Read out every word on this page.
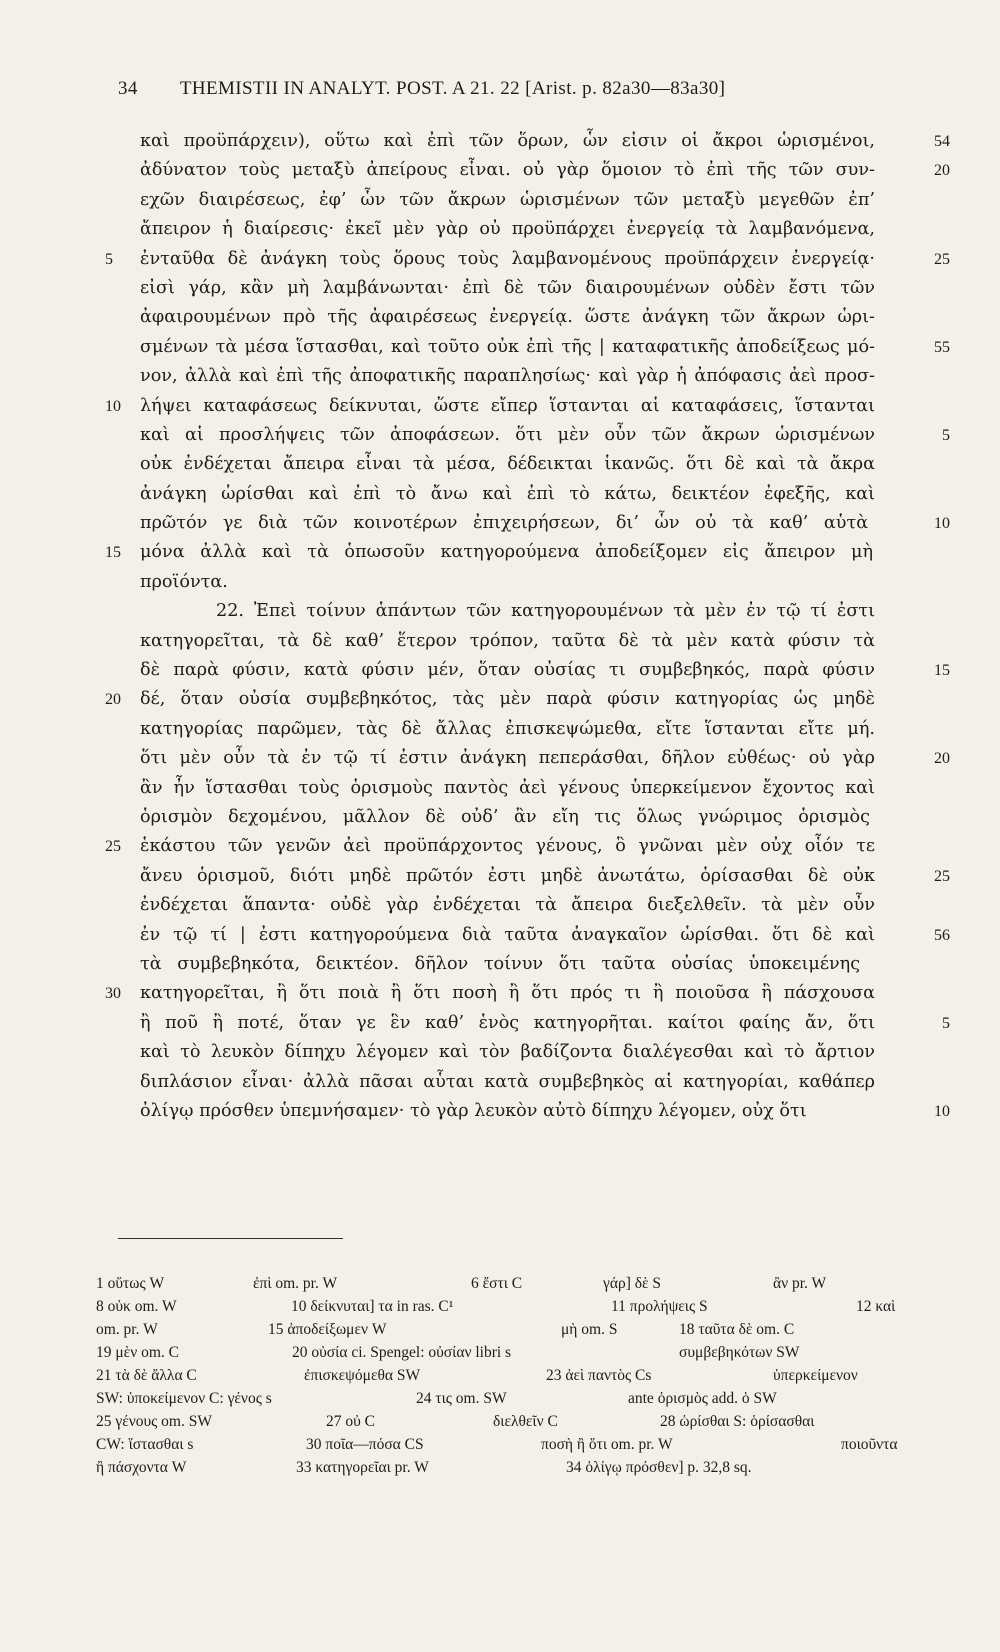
34 THEMISTII IN ANALYT. POST. A 21. 22 [Arist. p. 82a30—83a30]
καὶ προϋπάρχειν), οὕτω καὶ ἐπὶ τῶν ὅρων, ὧν εἰσιν οἱ ἄκροι ὡρισμένοι,	54
ἀδύνατον τοὺς μεταξὺ ἀπείρους εἶναι. οὐ γὰρ ὅμοιον τὸ ἐπὶ τῆς τῶν συν-	20
εχῶν διαιρέσεως, ἐφ’ ὧν τῶν ἄκρων ὡρισμένων τῶν μεταξὺ μεγεθῶν ἐπ’
ἄπειρον ἡ διαίρεσις· ἐκεῖ μὲν γὰρ οὐ προϋπάρχει ἐνεργείᾳ τὰ λαμβανόμενα,
5 ἐνταῦθα δὲ ἀνάγκη τοὺς ὅρους τοὺς λαμβανομένους προϋπάρχειν ἐνεργείᾳ·	25
εἰσὶ γάρ, κἂν μὴ λαμβάνωνται· ἐπὶ δὲ τῶν διαιρουμένων οὐδὲν ἔστι τῶν
ἀφαιρουμένων πρὸ τῆς ἀφαιρέσεως ἐνεργείᾳ. ὥστε ἀνάγκη τῶν ἄκρων ὡρι-
σμένων τὰ μέσα ἵστασθαι, καὶ τοῦτο οὐκ ἐπὶ τῆς | καταφατικῆς ἀποδείξεως μό-	55
νον, ἀλλὰ καὶ ἐπὶ τῆς ἀποφατικῆς παραπλησίως· καὶ γὰρ ἡ ἀπόφασις ἀεὶ προσ-
10 λήψει καταφάσεως δείκνυται, ὥστε εἴπερ ἵστανται αἱ καταφάσεις, ἵστανται
καὶ αἱ προσλήψεις τῶν ἀποφάσεων. ὅτι μὲν οὖν τῶν ἄκρων ὡρισμένων	5
οὐκ ἐνδέχεται ἄπειρα εἶναι τὰ μέσα, δέδεικται ἱκανῶς. ὅτι δὲ καὶ τὰ ἄκρα
ἀνάγκη ὡρίσθαι καὶ ἐπὶ τὸ ἄνω καὶ ἐπὶ τὸ κάτω, δεικτέον ἐφεξῆς, καὶ
πρῶτόν γε διὰ τῶν κοινοτέρων ἐπιχειρήσεων, δι’ ὧν οὐ τὰ καθ’ αὑτὰ	10
15 μόνα ἀλλὰ καὶ τὰ ὁπωσοῦν κατηγορούμενα ἀποδείξομεν εἰς ἄπειρον μὴ
προϊόντα.
22. Ἐπεὶ τοίνυν ἁπάντων τῶν κατηγορουμένων τὰ μὲν ἐν τῷ τί ἐστι
κατηγορεῖται, τὰ δὲ καθ’ ἕτερον τρόπον, ταῦτα δὲ τὰ μὲν κατὰ φύσιν τὰ
δὲ παρὰ φύσιν, κατὰ φύσιν μέν, ὅταν οὐσίας τι συμβεβηκός, παρὰ φύσιν	15
20 δέ, ὅταν οὐσία συμβεβηκότος, τὰς μὲν παρὰ φύσιν κατηγορίας ὡς μηδὲ
κατηγορίας παρῶμεν, τὰς δὲ ἄλλας ἐπισκεψώμεθα, εἴτε ἵστανται εἴτε μή.
ὅτι μὲν οὖν τὰ ἐν τῷ τί ἐστιν ἀνάγκη πεπεράσθαι, δῆλον εὐθέως· οὐ γὰρ	20
ἂν ἦν ἵστασθαι τοὺς ὁρισμοὺς παντὸς ἀεὶ γένους ὑπερκείμενον ἔχοντος καὶ
ὁρισμὸν δεχομένου, μᾶλλον δὲ οὐδ’ ἂν εἴη τις ὅλως γνώριμος ὁρισμὸς
25 ἑκάστου τῶν γενῶν ἀεὶ προϋπάρχοντος γένους, ὃ γνῶναι μὲν οὐχ οἷόν τε
ἄνευ ὁρισμοῦ, διότι μηδὲ πρῶτόν ἐστι μηδὲ ἀνωτάτω, ὁρίσασθαι δὲ οὐκ	25
ἐνδέχεται ἅπαντα· οὐδὲ γὰρ ἐνδέχεται τὰ ἄπειρα διεξελθεῖν. τὰ μὲν οὖν
ἐν τῷ τί | ἐστι κατηγορούμενα διὰ ταῦτα ἀναγκαῖον ὡρίσθαι. ὅτι δὲ καὶ	56
τὰ συμβεβηκότα, δεικτέον. δῆλον τοίνυν ὅτι ταῦτα οὐσίας ὑποκειμένης
30 κατηγορεῖται, ἢ ὅτι ποιὰ ἢ ὅτι ποσὴ ἢ ὅτι πρός τι ἢ ποιοῦσα ἢ πάσχουσα
ἢ ποῦ ἢ ποτέ, ὅταν γε ἓν καθ’ ἑνὸς κατηγορῆται. καίτοι φαίης ἄν, ὅτι	5
καὶ τὸ λευκὸν δίπηχυ λέγομεν καὶ τὸν βαδίζοντα διαλέγεσθαι καὶ τὸ ἄρτιον
διπλάσιον εἶναι· ἀλλὰ πᾶσαι αὗται κατὰ συμβεβηκὸς αἱ κατηγορίαι, καθάπερ
ὀλίγῳ πρόσθεν ὑπεμνήσαμεν· τὸ γὰρ λευκὸν αὐτὸ δίπηχυ λέγομεν, οὐχ ὅτι	10
1 οὕτως W	ἐπὶ om. pr. W	6 ἔστι C	γάρ] δὲ S	ἂν pr. W
8 οὐκ om. W	10 δείκνυται] τα in ras. C¹	11 προλήψεις S	12 καὶ
om. pr. W	15 ἀποδείξωμεν W	μὴ om. S	18 ταῦτα δὲ om. C
19 μὲν om. C	20 οὐσία ci. Spengel: οὐσίαν libri s	συμβεβηκότων SW
21 τὰ δὲ ἄλλα C	ἐπισκεψόμεθα SW	23 ἀεὶ παντὸς Cs	ὑπερκείμενον
SW: ὑποκείμενον C: γένος s	24 τις om. SW	ante ὁρισμὸς add. ὁ SW
25 γένους om. SW	27 οὐ C	διελθεῖν C	28 ὡρίσθαι S: ὁρίσασθαι
CW: ἵστασθαι s	30 ποῖα—πόσα CS	ποσὴ ἢ ὅτι om. pr. W	ποιοῦντα
ἢ πάσχοντα W	33 κατηγορεῖαι pr. W	34 ὀλίγῳ πρόσθεν] p. 32,8 sq.
